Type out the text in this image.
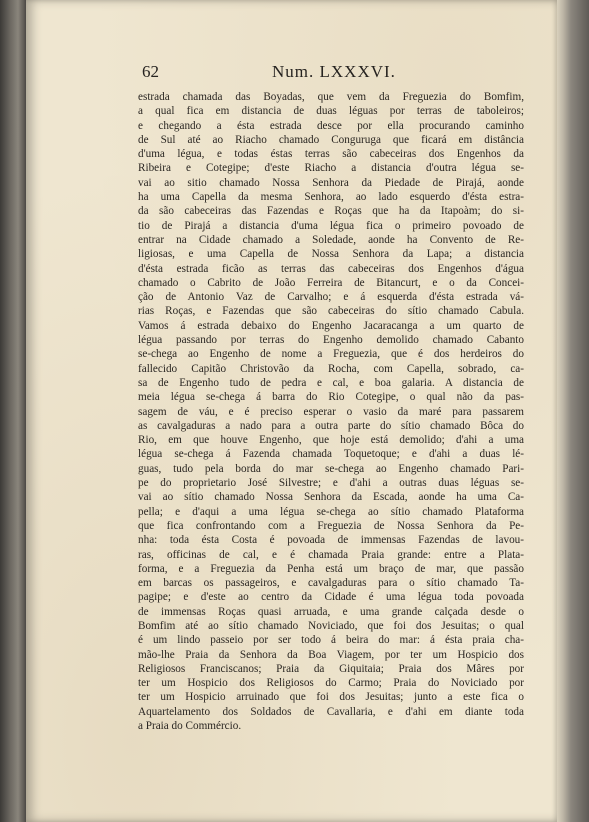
62	Num. LXXXVI.
estrada chamada das Boyadas, que vem da Freguezia do Bomfim,
a qual fica em distancia de duas léguas por terras de taboleiros;
e chegando a ésta estrada desce por ella procurando caminho
de Sul até ao Riacho chamado Conguruga que ficará em distância
d'uma légua, e todas éstas terras são cabeceiras dos Engenhos da
Ribeira e Cotegipe; d'este Riacho a distancia d'outra légua se-
vai ao sitio chamado Nossa Senhora da Piedade de Pirajá, aonde
ha uma Capella da mesma Senhora, ao lado esquerdo d'ésta estra-
da são cabeceiras das Fazendas e Roças que ha da Itapoàm; do si-
tio de Pirajá a distancia d'uma légua fica o primeiro povoado de
entrar na Cidade chamado a Soledade, aonde ha Convento de Re-
ligiosas, e uma Capella de Nossa Senhora da Lapa; a distancia
d'ésta estrada ficão as terras das cabeceiras dos Engenhos d'água
chamado o Cabrito de João Ferreira de Bitancurt, e o da Concei-
ção de Antonio Vaz de Carvalho; e á esquerda d'ésta estrada vá-
rias Roças, e Fazendas que são cabeceiras do sítio chamado Cabula.
Vamos á estrada debaixo do Engenho Jacaracanga a um quarto de
légua passando por terras do Engenho demolido chamado Cabanto
se-chega ao Engenho de nome a Freguezia, que é dos herdeiros do
fallecido Capitão Christovão da Rocha, com Capella, sobrado, ca-
sa de Engenho tudo de pedra e cal, e boa galaria. A distancia de
meia légua se-chega á barra do Rio Cotegipe, o qual não da pas-
sagem de váu, e é preciso esperar o vasio da maré para passarem
as cavalgaduras a nado para a outra parte do sítio chamado Bôca do
Rio, em que houve Engenho, que hoje está demolido; d'ahi a uma
légua se-chega á Fazenda chamada Toquetoque; e d'ahi a duas lé-
guas, tudo pela borda do mar se-chega ao Engenho chamado Pari-
pe do proprietario José Silvestre; e d'ahi a outras duas léguas se-
vai ao sítio chamado Nossa Senhora da Escada, aonde ha uma Ca-
pella; e d'aqui a uma légua se-chega ao sítio chamado Plataforma
que fica confrontando com a Freguezia de Nossa Senhora da Pe-
nha: toda ésta Costa é povoada de immensas Fazendas de lavou-
ras, officinas de cal, e é chamada Praia grande: entre a Plata-
forma, e a Freguezia da Penha está um braço de mar, que passão
em barcas os passageiros, e cavalgaduras para o sítio chamado Ta-
pagipe; e d'este ao centro da Cidade é uma légua toda povoada
de immensas Roças quasi arruada, e uma grande calçada desde o
Bomfim até ao sítio chamado Noviciado, que foi dos Jesuitas; o qual
é um lindo passeio por ser todo á beira do mar: á ésta praia cha-
mão-lhe Praia da Senhora da Boa Viagem, por ter um Hospicio dos
Religiosos Franciscanos; Praia da Giquitaia; Praia dos Mâres por
ter um Hospicio dos Religiosos do Carmo; Praia do Noviciado por
ter um Hospicio arruinado que foi dos Jesuitas; junto a este fica o
Aquartelamento dos Soldados de Cavallaria, e d'ahi em diante toda
a Praia do Commércio.
